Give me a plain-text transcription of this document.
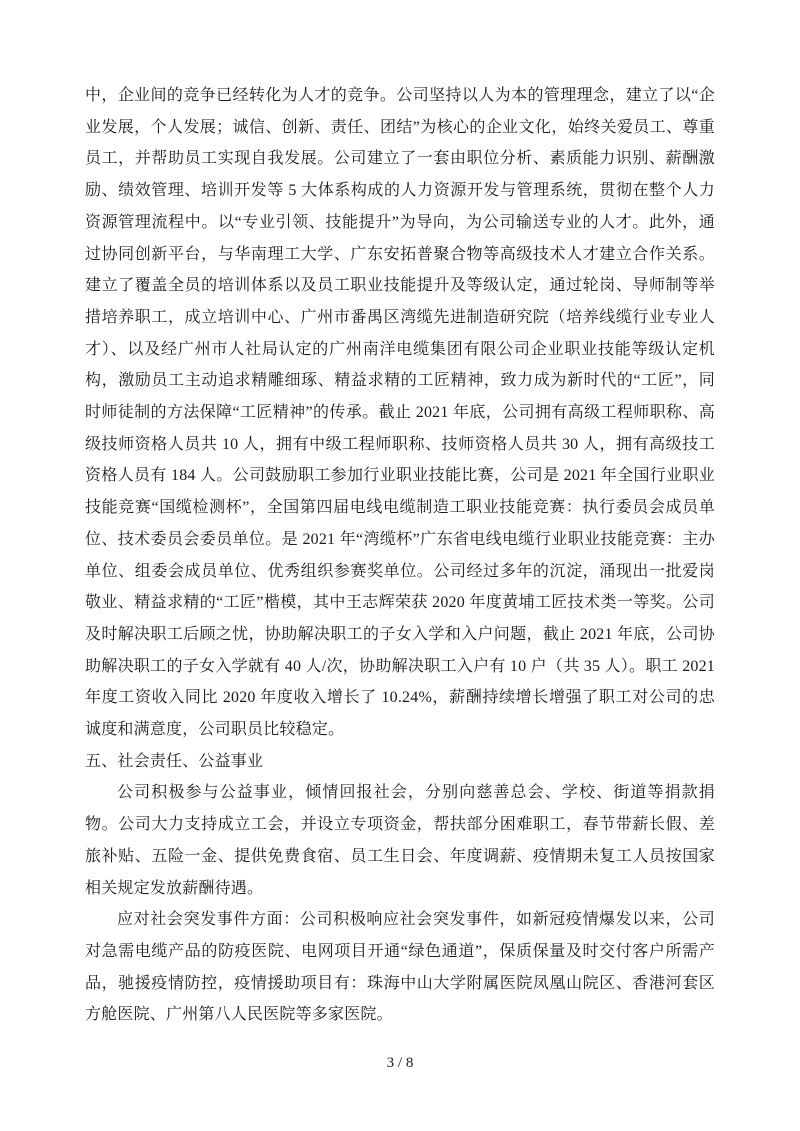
中，企业间的竞争已经转化为人才的竞争。公司坚持以人为本的管理理念，建立了以“企业发展，个人发展；诚信、创新、责任、团结”为核心的企业文化，始终关爱员工、尊重员工，并帮助员工实现自我发展。公司建立了一套由职位分析、素质能力识别、薪酬激励、绩效管理、培训开发等 5 大体系构成的人力资源开发与管理系统，贯彻在整个人力资源管理流程中。以“专业引领、技能提升”为导向，为公司输送专业的人才。此外，通过协同创新平台，与华南理工大学、广东安拓普聚合物等高级技术人才建立合作关系。建立了覆盖全员的培训体系以及员工职业技能提升及等级认定，通过轮岗、导师制等举措培养职工，成立培训中心、广州市番禺区湾缆先进制造研究院（培养线缆行业专业人才）、以及经广州市人社局认定的广州南洋电缆集团有限公司企业职业技能等级认定机构，激励员工主动追求精雕细琢、精益求精的工匠精神，致力成为新时代的“工匠”，同时师徒制的方法保障“工匠精神”的传承。截止 2021 年底，公司拥有高级工程师职称、高级技师资格人员共 10 人，拥有中级工程师职称、技师资格人员共 30 人，拥有高级技工资格人员有 184 人。公司鼓励职工参加行业职业技能比赛，公司是 2021 年全国行业职业技能竞赛“国缆检测杯”，全国第四届电线电缆制造工职业技能竞赛：执行委员会成员单位、技术委员会委员单位。是 2021 年“湾缆杯”广东省电线电缆行业职业技能竞赛：主办单位、组委会成员单位、优秀组织参赛奖单位。公司经过多年的沉淀，涌现出一批爱岗敬业、精益求精的“工匠”楷模，其中王志辉荣获 2020 年度黄埔工匠技术类一等奖。公司及时解决职工后顾之忧，协助解决职工的子女入学和入户问题，截止 2021 年底，公司协助解决职工的子女入学就有 40 人/次，协助解决职工入户有 10 户（共 35 人）。职工 2021 年度工资收入同比 2020 年度收入增长了 10.24%，薪酬持续增长增强了职工对公司的忠诚度和满意度，公司职员比较稳定。

五、社会责任、公益事业

公司积极参与公益事业，倾情回报社会，分别向慈善总会、学校、街道等捐款捐物。公司大力支持成立工会，并设立专项资金，帮扶部分困难职工，春节带薪长假、差旅补贴、五险一金、提供免费食宿、员工生日会、年度调薪、疫情期未复工人员按国家相关规定发放薪酬待遇。

应对社会突发事件方面：公司积极响应社会突发事件，如新冠疫情爆发以来，公司对急需电缆产品的防疫医院、电网项目开通“绿色通道”，保质保量及时交付客户所需产品，驰援疫情防控，疫情援助项目有：珠海中山大学附属医院凤凰山院区、香港河套区方舱医院、广州第八人民医院等多家医院。

3 / 8
